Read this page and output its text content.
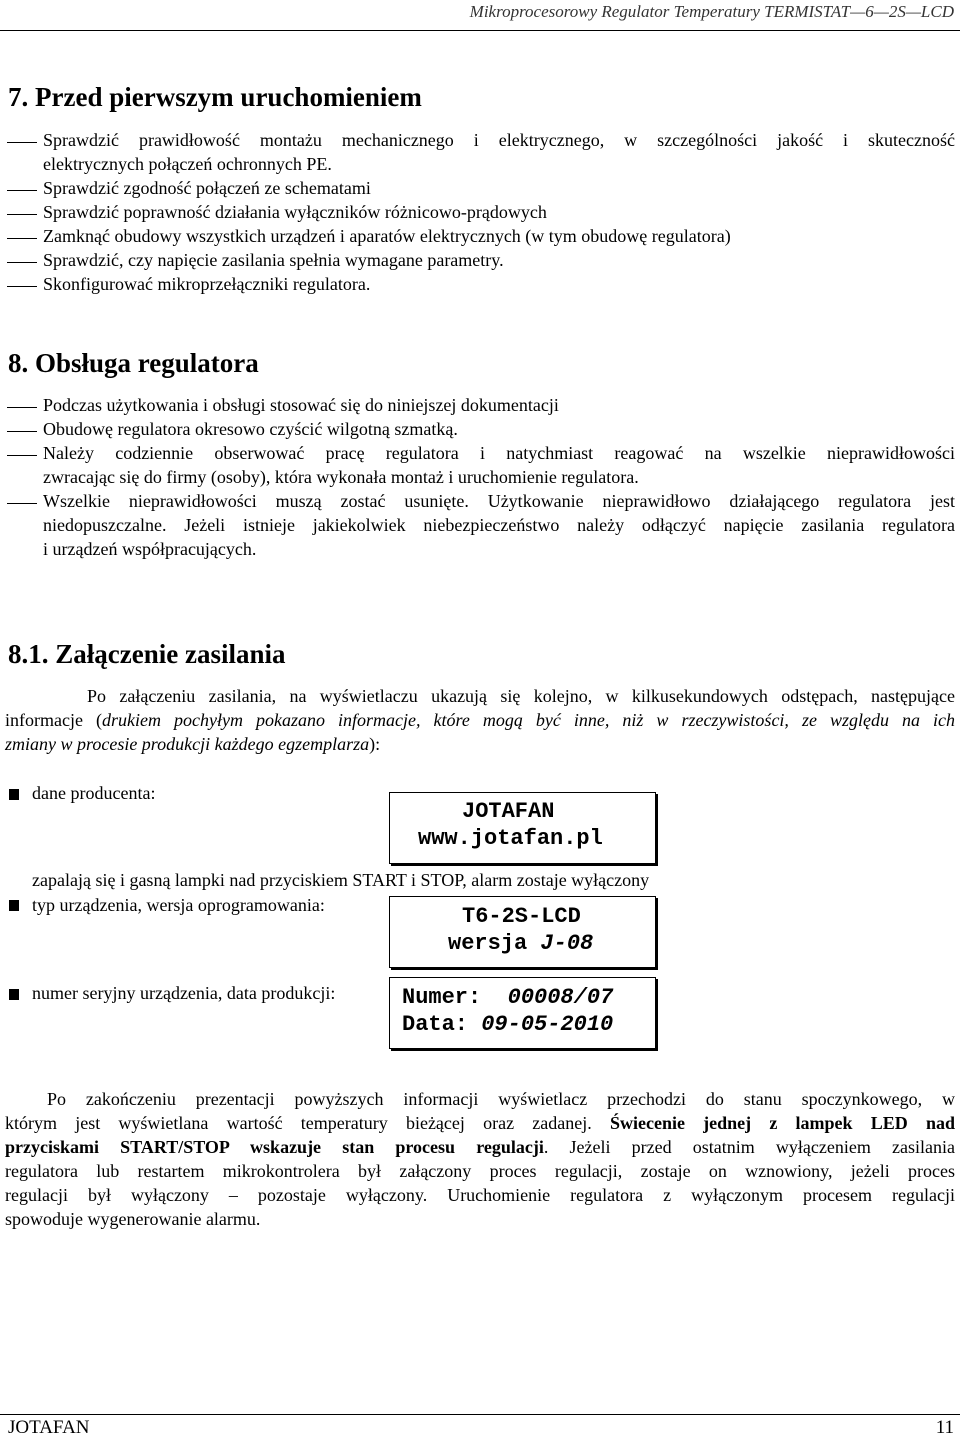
Mikroprocesorowy Regulator Temperatury TERMISTAT—6—2S—LCD
7. Przed pierwszym uruchomieniem
Sprawdzić prawidłowość montażu mechanicznego i elektrycznego, w szczególności jakość i skuteczność
elektrycznych połączeń ochronnych PE.
Sprawdzić zgodność połączeń ze schematami
Sprawdzić poprawność działania wyłączników różnicowo-prądowych
Zamknąć obudowy wszystkich urządzeń i aparatów elektrycznych (w tym obudowę regulatora)
Sprawdzić, czy napięcie zasilania spełnia wymagane parametry.
Skonfigurować mikroprzełączniki regulatora.
8. Obsługa regulatora
Podczas użytkowania i obsługi stosować się do niniejszej dokumentacji
Obudowę regulatora okresowo czyścić wilgotną szmatką.
Należy codziennie obserwować pracę regulatora i natychmiast reagować na wszelkie nieprawidłowości
zwracając się do firmy (osoby), która wykonała montaż i uruchomienie regulatora.
Wszelkie nieprawidłowości muszą zostać usunięte. Użytkowanie nieprawidłowo działającego regulatora jest
niedopuszczalne. Jeżeli istnieje jakiekolwiek niebezpieczeństwo należy odłączyć napięcie zasilania regulatora
i urządzeń współpracujących.
8.1. Załączenie zasilania
Po załączeniu zasilania, na wyświetlaczu ukazują się kolejno, w kilkusekundowych odstępach, następujące
informacje (drukiem pochyłym pokazano informacje, które mogą być inne, niż w rzeczywistości, ze względu na ich
zmiany w procesie produkcji każdego egzemplarza):
dane producenta:
JOTAFAN
www.jotafan.pl
zapalają się i gasną lampki nad przyciskiem START i STOP, alarm zostaje wyłączony
typ urządzenia, wersja oprogramowania:	T6-2S-LCD
wersja J-08
numer seryjny urządzenia, data produkcji:	Numer:  00008/07
Data: 09-05-2010
Po zakończeniu prezentacji powyższych informacji wyświetlacz przechodzi do stanu spoczynkowego, w
którym jest wyświetlana wartość temperatury bieżącej oraz zadanej. Świecenie jednej z lampek LED nad
przyciskami START/STOP wskazuje stan procesu regulacji. Jeżeli przed ostatnim wyłączeniem zasilania
regulatora lub restartem mikrokontrolera był załączony proces regulacji, zostaje on wznowiony, jeżeli proces
regulacji był wyłączony – pozostaje wyłączony. Uruchomienie regulatora z wyłączonym procesem regulacji
spowoduje wygenerowanie alarmu.
JOTAFAN	11
